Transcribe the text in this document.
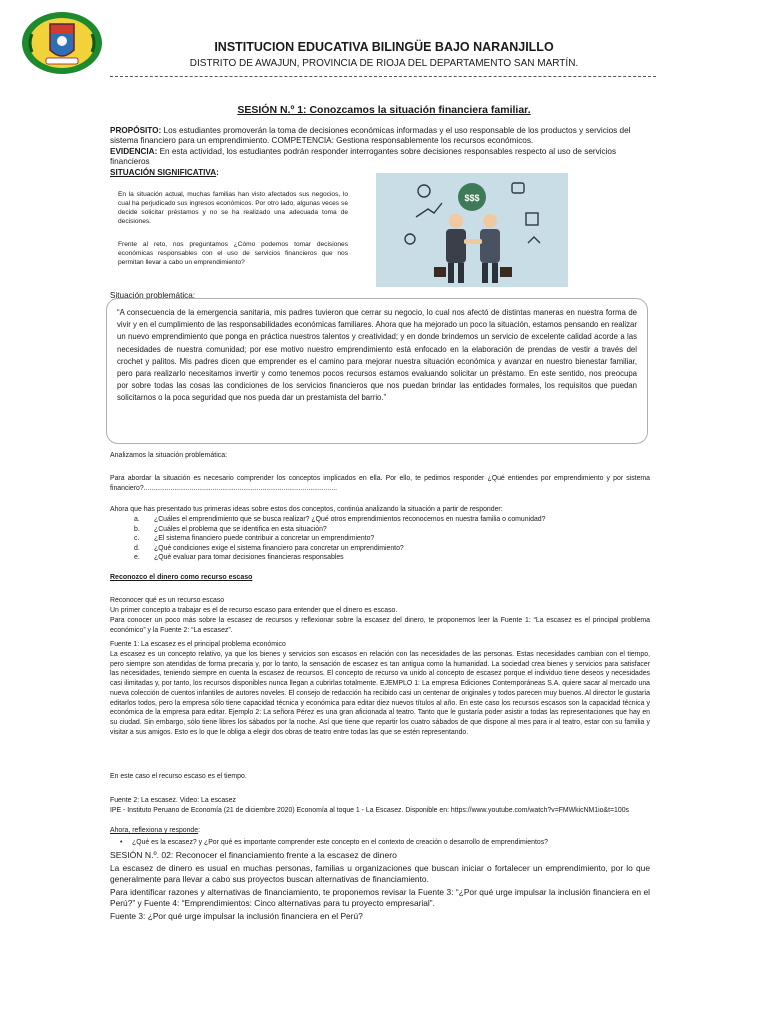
INSTITUCION EDUCATIVA BILINGÜE BAJO NARANJILLO
DISTRITO DE AWAJUN, PROVINCIA DE RIOJA DEL DEPARTAMENTO SAN MARTÍN.
SESIÓN N.º 1: Conozcamos la situación financiera familiar.
PROPÓSITO: Los estudiantes promoverán la toma de decisiones económicas informadas y el uso responsable de los productos y servicios del sistema financiero para un emprendimiento. COMPETENCIA: Gestiona responsablemente los recursos económicos.
EVIDENCIA: En esta actividad, los estudiantes podrán responder interrogantes sobre decisiones responsables respecto al uso de servicios financieros
SITUACIÓN SIGNIFICATIVA:
En la situación actual, muchas familias han visto afectados sus negocios, lo cual ha perjudicado sus ingresos económicos. Por otro lado, algunas veces se decide solicitar préstamos y no se ha realizado una adecuada toma de decisiones.
Frente al reto, nos preguntamos ¿Cómo podemos tomar decisiones económicas responsables con el uso de servicios financieros que nos permitan llevar a cabo un emprendimiento?
$$$
Situación problemática:
“A consecuencia de la emergencia sanitaria, mis padres tuvieron que cerrar su negocio, lo cual nos afectó de distintas maneras en nuestra forma de vivir y en el cumplimiento de las responsabilidades económicas familiares. Ahora que ha mejorado un poco la situación, estamos pensando en realizar un nuevo emprendimiento que ponga en práctica nuestros talentos y creatividad; y en donde brindemos un servicio de excelente calidad acorde a las necesidades de nuestra comunidad; por ese motivo nuestro emprendimiento está enfocado en la elaboración de prendas de vestir a través del crochet y palitos. Mis padres dicen que emprender es el camino para mejorar nuestra situación económica y avanzar en nuestro bienestar familiar, pero para realizarlo necesitamos invertir y como tenemos pocos recursos estamos evaluando solicitar un préstamo. En este sentido, nos preocupa por sobre todas las cosas las condiciones de los servicios financieros que nos puedan brindar las entidades formales, los requisitos que puedan solicitarnos o la poca seguridad que nos pueda dar un prestamista del barrio.”
Analizamos la situación problemática:
Para abordar la situación es necesario comprender los conceptos implicados en ella. Por ello, te pedimos responder ¿Qué entiendes por emprendimiento y por sistema financiero?.....................................................................................................
Ahora que has presentado tus primeras ideas sobre estos dos conceptos, continúa analizando la situación a partir de responder:
a. ¿Cuáles el emprendimiento que se busca realizar? ¿Qué otros emprendimientos reconocemos en nuestra familia o comunidad?
b. ¿Cuáles el problema que se identifica en esta situación?
c. ¿El sistema financiero puede contribuir a concretar un emprendimiento?
d. ¿Qué condiciones exige el sistema financiero para concretar un emprendimiento?
e. ¿Qué evaluar para tomar decisiones financieras responsables
Reconozco el dinero como recurso escaso
Reconocer qué es un recurso escaso
Un primer concepto a trabajar es el de recurso escaso para entender que el dinero es escaso.
Para conocer un poco más sobre la escasez de recursos y reflexionar sobre la escasez del dinero, te proponemos leer la Fuente 1: “La escasez es el principal problema económico” y la Fuente 2: “La escasez”.
Fuente 1: La escasez es el principal problema económico
La escasez es un concepto relativo, ya que los bienes y servicios son escasos en relación con las necesidades de las personas. Estas necesidades cambian con el tiempo, pero siempre son atendidas de forma precaria y, por lo tanto, la sensación de escasez es tan antigua como la humanidad. La sociedad crea bienes y servicios para satisfacer las necesidades, teniendo siempre en cuenta la escasez de recursos. El concepto de recurso va unido al concepto de escasez porque el individuo tiene deseos y necesidades casi ilimitadas y, por tanto, los recursos disponibles nunca llegan a cubrirlas totalmente. EJEMPLO 1: La empresa Ediciones Contemporáneas S.A. quiere sacar al mercado una nueva colección de cuentos infantiles de autores noveles. El consejo de redacción ha recibido casi un centenar de originales y todos parecen muy buenos. Al director le gustaría editarlos todos, pero la empresa sólo tiene capacidad técnica y económica para editar diez nuevos títulos al año. En este caso los recursos escasos son la capacidad técnica y económica de la empresa para editar. Ejemplo 2: La señora Pérez es una gran aficionada al teatro. Tanto que le gustaría poder asistir a todas las representaciones que hay en su ciudad. Sin embargo, sólo tiene libres los sábados por la noche. Así que tiene que repartir los cuatro sábados de que dispone al mes para ir al teatro, estar con su familia y visitar a sus amigos. Esto es lo que le obliga a elegir dos obras de teatro entre todas las que se estén representando.
En este caso el recurso escaso es el tiempo.
Fuente 2: La escasez. Video: La escasez
IPE - Instituto Peruano de Economía (21 de diciembre 2020) Economía al toque 1 - La Escasez. Disponible en: https://www.youtube.com/watch?v=FMWkicNM1io&t=100s
Ahora, reflexiona y responde:
• ¿Qué es la escasez? y ¿Por qué es importante comprender este concepto en el contexto de creación o desarrollo de emprendimientos?
SESIÓN N.º. 02: Reconocer el financiamiento frente a la escasez de dinero
La escasez de dinero es usual en muchas personas, familias u organizaciones que buscan iniciar o fortalecer un emprendimiento, por lo que generalmente para llevar a cabo sus proyectos buscan alternativas de financiamiento.
Para identificar razones y alternativas de financiamiento, te proponemos revisar la Fuente 3: “¿Por qué urge impulsar la inclusión financiera en el Perú?” y Fuente 4: “Emprendimientos: Cinco alternativas para tu proyecto empresarial”.
Fuente 3: ¿Por qué urge impulsar la inclusión financiera en el Perú?
